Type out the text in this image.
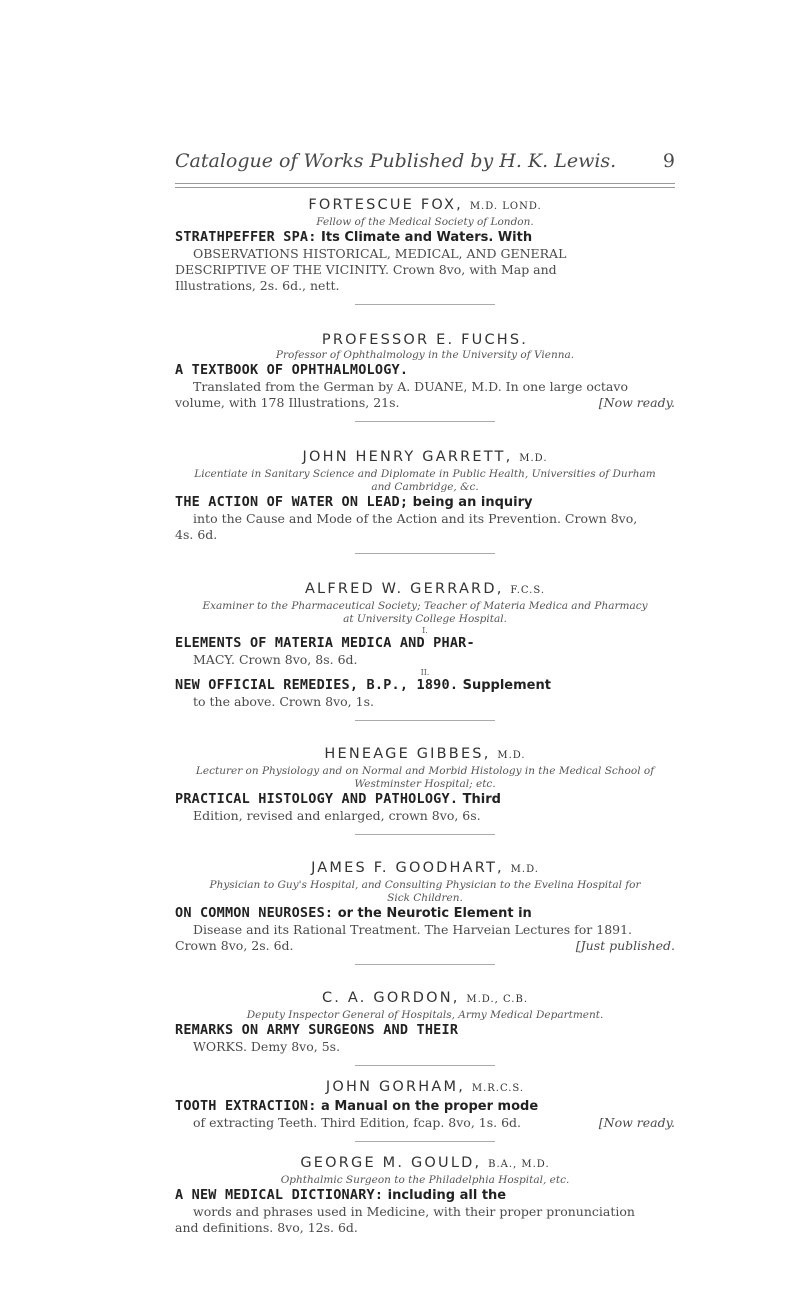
Catalogue of Works Published by H. K. Lewis. 9
FORTESCUE FOX, M.D. LOND.
Fellow of the Medical Society of London.
STRATHPEFFER SPA: Its Climate and Waters. With
OBSERVATIONS HISTORICAL, MEDICAL, AND GENERAL
DESCRIPTIVE OF THE VICINITY. Crown 8vo, with Map and
Illustrations, 2s. 6d., nett.
PROFESSOR E. FUCHS.
Professor of Ophthalmology in the University of Vienna.
A TEXTBOOK OF OPHTHALMOLOGY.
Translated from the German by A. DUANE, M.D. In one large octavo
volume, with 178 Illustrations, 21s.	[Now ready.
JOHN HENRY GARRETT, M.D.
Licentiate in Sanitary Science and Diplomate in Public Health, Universities of Durham
and Cambridge, &c.
THE ACTION OF WATER ON LEAD; being an inquiry
into the Cause and Mode of the Action and its Prevention. Crown 8vo,
4s. 6d.
ALFRED W. GERRARD, F.C.S.
Examiner to the Pharmaceutical Society; Teacher of Materia Medica and Pharmacy
at University College Hospital.
I.
ELEMENTS OF MATERIA MEDICA AND PHAR-
MACY. Crown 8vo, 8s. 6d.
II.
NEW OFFICIAL REMEDIES, B.P., 1890. Supplement
to the above. Crown 8vo, 1s.
HENEAGE GIBBES, M.D.
Lecturer on Physiology and on Normal and Morbid Histology in the Medical School of
Westminster Hospital; etc.
PRACTICAL HISTOLOGY AND PATHOLOGY. Third
Edition, revised and enlarged, crown 8vo, 6s.
JAMES F. GOODHART, M.D.
Physician to Guy's Hospital, and Consulting Physician to the Evelina Hospital for
Sick Children.
ON COMMON NEUROSES: or the Neurotic Element in
Disease and its Rational Treatment. The Harveian Lectures for 1891.
Crown 8vo, 2s. 6d.	[Just published.
C. A. GORDON, M.D., C.B.
Deputy Inspector General of Hospitals, Army Medical Department.
REMARKS ON ARMY SURGEONS AND THEIR
WORKS. Demy 8vo, 5s.
JOHN GORHAM, M.R.C.S.
TOOTH EXTRACTION: a Manual on the proper mode
of extracting Teeth. Third Edition, fcap. 8vo, 1s. 6d.	[Now ready.
GEORGE M. GOULD, B.A., M.D.
Ophthalmic Surgeon to the Philadelphia Hospital, etc.
A NEW MEDICAL DICTIONARY: including all the
words and phrases used in Medicine, with their proper pronunciation
and definitions. 8vo, 12s. 6d.
